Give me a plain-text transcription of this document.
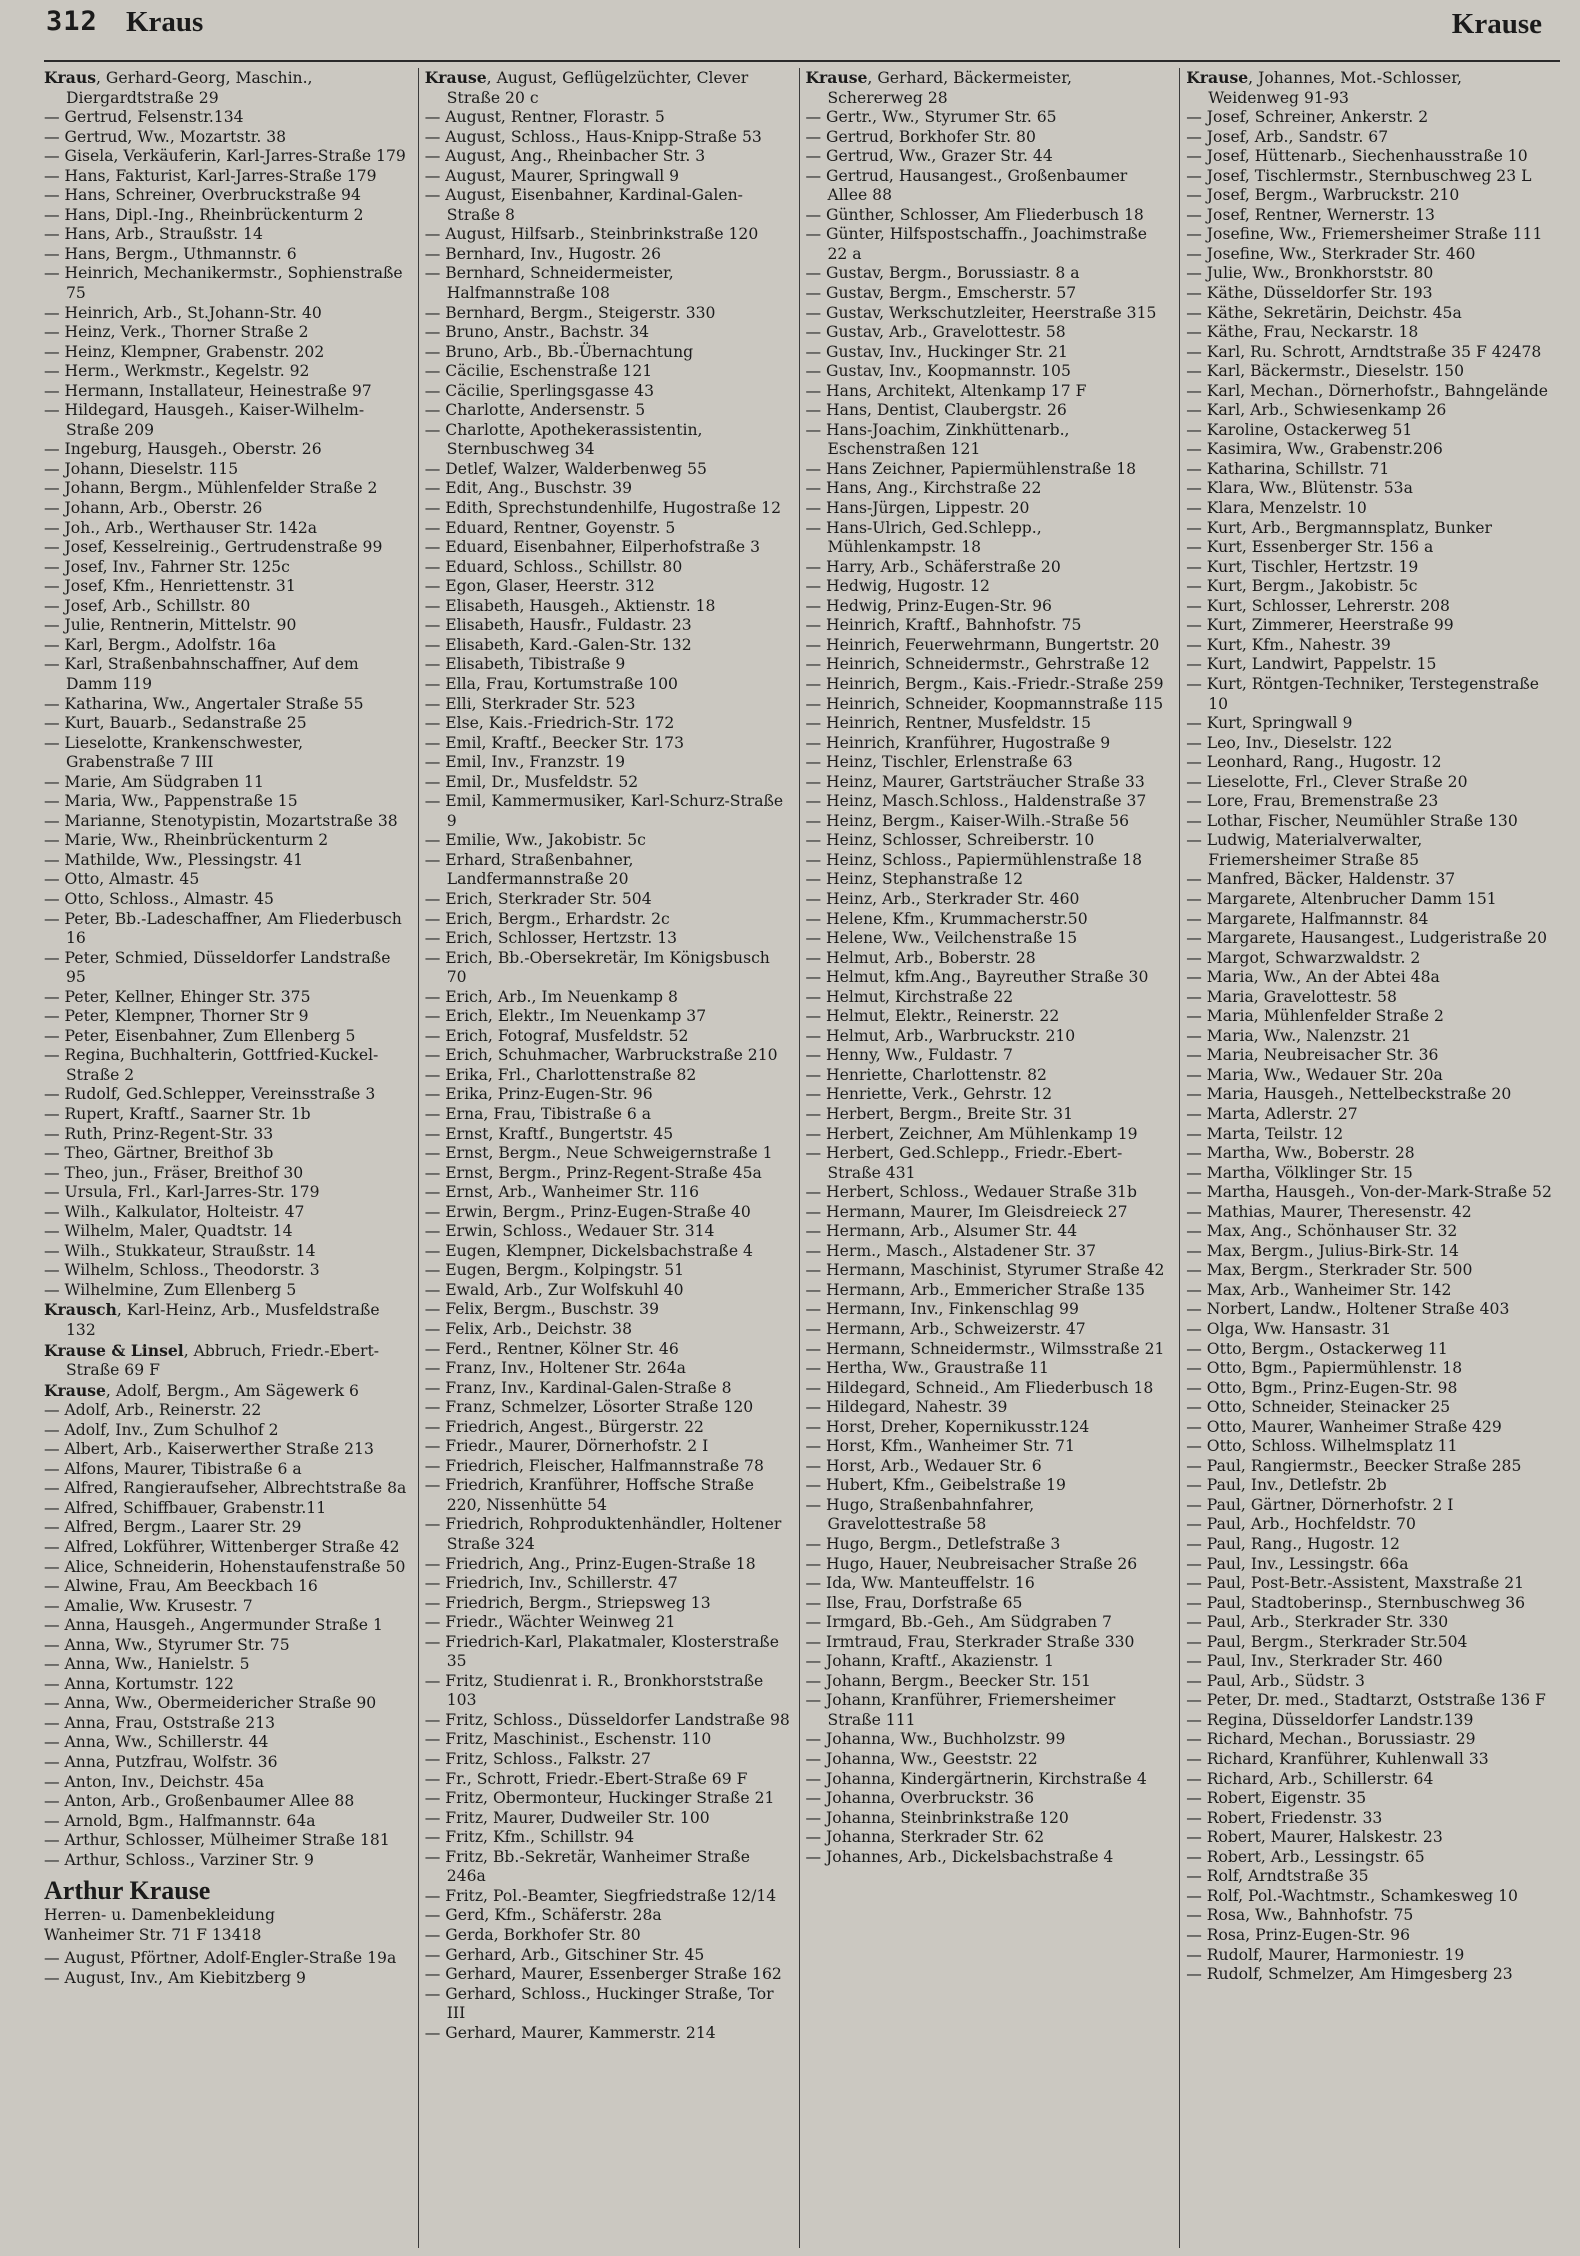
312 Kraus	Krause
Kraus, Gerhard-Georg, Maschin., Diergardtstraße 29
— Gertrud, Felsenstr.134
— Gertrud, Ww., Mozartstr. 38
— Gisela, Verkäuferin, Karl-Jarres-Straße 179
— Hans, Fakturist, Karl-Jarres-Straße 179
— Hans, Schreiner, Overbruckstraße 94
— Hans, Dipl.-Ing., Rheinbrückenturm 2
— Hans, Arb., Straußstr. 14
— Hans, Bergm., Uthmannstr. 6
— Heinrich, Mechanikermstr., Sophienstraße 75
— Heinrich, Arb., St.Johann-Str. 40
— Heinz, Verk., Thorner Straße 2
— Heinz, Klempner, Grabenstr. 202
— Herm., Werkmstr., Kegelstr. 92
— Hermann, Installateur, Heinestraße 97
— Hildegard, Hausgeh., Kaiser-Wilhelm-Straße 209
— Ingeburg, Hausgeh., Oberstr. 26
— Johann, Dieselstr. 115
— Johann, Bergm., Mühlenfelder Straße 2
— Johann, Arb., Oberstr. 26
— Joh., Arb., Werthauser Str. 142a
— Josef, Kesselreinig., Gertrudenstraße 99
— Josef, Inv., Fahrner Str. 125c
— Josef, Kfm., Henriettenstr. 31
— Josef, Arb., Schillstr. 80
— Julie, Rentnerin, Mittelstr. 90
— Karl, Bergm., Adolfstr. 16a
— Karl, Straßenbahnschaffner, Auf dem Damm 119
— Katharina, Ww., Angertaler Straße 55
— Kurt, Bauarb., Sedanstraße 25
— Lieselotte, Krankenschwester, Grabenstraße 7 III
— Marie, Am Südgraben 11
— Maria, Ww., Pappenstraße 15
— Marianne, Stenotypistin, Mozartstraße 38
— Marie, Ww., Rheinbrückenturm 2
— Mathilde, Ww., Plessingstr. 41
— Otto, Almastr. 45
— Otto, Schloss., Almastr. 45
— Peter, Bb.-Ladeschaffner, Am Fliederbusch 16
— Peter, Schmied, Düsseldorfer Landstraße 95
— Peter, Kellner, Ehinger Str. 375
— Peter, Klempner, Thorner Str 9
— Peter, Eisenbahner, Zum Ellenberg 5
— Regina, Buchhalterin, Gottfried-Kuckel-Straße 2
— Rudolf, Ged.Schlepper, Vereinsstraße 3
— Rupert, Kraftf., Saarner Str. 1b
— Ruth, Prinz-Regent-Str. 33
— Theo, Gärtner, Breithof 3b
— Theo, jun., Fräser, Breithof 30
— Ursula, Frl., Karl-Jarres-Str. 179
— Wilh., Kalkulator, Holteistr. 47
— Wilhelm, Maler, Quadtstr. 14
— Wilh., Stukkateur, Straußstr. 14
— Wilhelm, Schloss., Theodorstr. 3
— Wilhelmine, Zum Ellenberg 5
Krausch, Karl-Heinz, Arb., Musfeldstraße 132
Krause & Linsel, Abbruch, Friedr.-Ebert-Straße 69 F
Krause, Adolf, Bergm., Am Sägewerk 6
— Adolf, Arb., Reinerstr. 22
— Adolf, Inv., Zum Schulhof 2
— Albert, Arb., Kaiserwerther Straße 213
— Alfons, Maurer, Tibistraße 6 a
— Alfred, Rangieraufseher, Albrechtstraße 8a
— Alfred, Schiffbauer, Grabenstr.11
— Alfred, Bergm., Laarer Str. 29
— Alfred, Lokführer, Wittenberger Straße 42
— Alice, Schneiderin, Hohenstaufenstraße 50
— Alwine, Frau, Am Beeckbach 16
— Amalie, Ww. Krusestr. 7
— Anna, Hausgeh., Angermunder Straße 1
— Anna, Ww., Styrumer Str. 75
— Anna, Ww., Hanielstr. 5
— Anna, Kortumstr. 122
— Anna, Ww., Obermeidericher Straße 90
— Anna, Frau, Oststraße 213
— Anna, Ww., Schillerstr. 44
— Anna, Putzfrau, Wolfstr. 36
— Anton, Inv., Deichstr. 45a
— Anton, Arb., Großenbaumer Allee 88
— Arnold, Bgm., Halfmannstr. 64a
— Arthur, Schlosser, Mülheimer Straße 181
— Arthur, Schloss., Varziner Str. 9
Arthur Krause
Herren- u. Damenbekleidung
Wanheimer Str. 71 F 13418
— August, Pförtner, Adolf-Engler-Straße 19a
— August, Inv., Am Kiebitzberg 9
Krause, August, Geflügelzüchter, Clever Straße 20 c
— August, Rentner, Florastr. 5
— August, Schloss., Haus-Knipp-Straße 53
— August, Ang., Rheinbacher Str. 3
— August, Maurer, Springwall 9
— August, Eisenbahner, Kardinal-Galen-Straße 8
— August, Hilfsarb., Steinbrinkstraße 120
— Bernhard, Inv., Hugostr. 26
— Bernhard, Schneidermeister, Halfmannstraße 108
— Bernhard, Bergm., Steigerstr. 330
— Bruno, Anstr., Bachstr. 34
— Bruno, Arb., Bb.-Übernachtung
— Cäcilie, Eschenstraße 121
— Cäcilie, Sperlingsgasse 43
— Charlotte, Andersenstr. 5
— Charlotte, Apothekerassistentin, Sternbuschweg 34
— Detlef, Walzer, Walderbenweg 55
— Edit, Ang., Buschstr. 39
— Edith, Sprechstundenhilfe, Hugostraße 12
— Eduard, Rentner, Goyenstr. 5
— Eduard, Eisenbahner, Eilperhofstraße 3
— Eduard, Schloss., Schillstr. 80
— Egon, Glaser, Heerstr. 312
— Elisabeth, Hausgeh., Aktienstr. 18
— Elisabeth, Hausfr., Fuldastr. 23
— Elisabeth, Kard.-Galen-Str. 132
— Elisabeth, Tibistraße 9
— Ella, Frau, Kortumstraße 100
— Elli, Sterkrader Str. 523
— Else, Kais.-Friedrich-Str. 172
— Emil, Kraftf., Beecker Str. 173
— Emil, Inv., Franzstr. 19
— Emil, Dr., Musfeldstr. 52
— Emil, Kammermusiker, Karl-Schurz-Straße 9
— Emilie, Ww., Jakobistr. 5c
— Erhard, Straßenbahner, Landfermannstraße 20
— Erich, Sterkrader Str. 504
— Erich, Bergm., Erhardstr. 2c
— Erich, Schlosser, Hertzstr. 13
— Erich, Bb.-Obersekretär, Im Königsbusch 70
— Erich, Arb., Im Neuenkamp 8
— Erich, Elektr., Im Neuenkamp 37
— Erich, Fotograf, Musfeldstr. 52
— Erich, Schuhmacher, Warbruckstraße 210
— Erika, Frl., Charlottenstraße 82
— Erika, Prinz-Eugen-Str. 96
— Erna, Frau, Tibistraße 6 a
— Ernst, Kraftf., Bungertstr. 45
— Ernst, Bergm., Neue Schweigernstraße 1
— Ernst, Bergm., Prinz-Regent-Straße 45a
— Ernst, Arb., Wanheimer Str. 116
— Erwin, Bergm., Prinz-Eugen-Straße 40
— Erwin, Schloss., Wedauer Str. 314
— Eugen, Klempner, Dickelsbachstraße 4
— Eugen, Bergm., Kolpingstr. 51
— Ewald, Arb., Zur Wolfskuhl 40
— Felix, Bergm., Buschstr. 39
— Felix, Arb., Deichstr. 38
— Ferd., Rentner, Kölner Str. 46
— Franz, Inv., Holtener Str. 264a
— Franz, Inv., Kardinal-Galen-Straße 8
— Franz, Schmelzer, Lösorter Straße 120
— Friedrich, Angest., Bürgerstr. 22
— Friedr., Maurer, Dörnerhofstr. 2 I
— Friedrich, Fleischer, Halfmannstraße 78
— Friedrich, Kranführer, Hoffsche Straße 220, Nissenhütte 54
— Friedrich, Rohproduktenhändler, Holtener Straße 324
— Friedrich, Ang., Prinz-Eugen-Straße 18
— Friedrich, Inv., Schillerstr. 47
— Friedrich, Bergm., Striepsweg 13
— Friedr., Wächter Weinweg 21
— Friedrich-Karl, Plakatmaler, Klosterstraße 35
— Fritz, Studienrat i. R., Bronkhorststraße 103
— Fritz, Schloss., Düsseldorfer Landstraße 98
— Fritz, Maschinist., Eschenstr. 110
— Fritz, Schloss., Falkstr. 27
— Fr., Schrott, Friedr.-Ebert-Straße 69 F
— Fritz, Obermonteur, Huckinger Straße 21
— Fritz, Maurer, Dudweiler Str. 100
— Fritz, Kfm., Schillstr. 94
— Fritz, Bb.-Sekretär, Wanheimer Straße 246a
— Fritz, Pol.-Beamter, Siegfriedstraße 12/14
— Gerd, Kfm., Schäferstr. 28a
— Gerda, Borkhofer Str. 80
— Gerhard, Arb., Gitschiner Str. 45
— Gerhard, Maurer, Essenberger Straße 162
— Gerhard, Schloss., Huckinger Straße, Tor III
— Gerhard, Maurer, Kammerstr. 214
Krause, Gerhard, Bäckermeister, Schererweg 28
— Gertr., Ww., Styrumer Str. 65
— Gertrud, Borkhofer Str. 80
— Gertrud, Ww., Grazer Str. 44
— Gertrud, Hausangest., Großenbaumer Allee 88
— Günther, Schlosser, Am Fliederbusch 18
— Günter, Hilfspostschaffn., Joachimstraße 22 a
— Gustav, Bergm., Borussiastr. 8 a
— Gustav, Bergm., Emscherstr. 57
— Gustav, Werkschutzleiter, Heerstraße 315
— Gustav, Arb., Gravelottestr. 58
— Gustav, Inv., Huckinger Str. 21
— Gustav, Inv., Koopmannstr. 105
— Hans, Architekt, Altenkamp 17 F
— Hans, Dentist, Claubergstr. 26
— Hans-Joachim, Zinkhüttenarb., Eschenstraßen 121
— Hans Zeichner, Papiermühlenstraße 18
— Hans, Ang., Kirchstraße 22
— Hans-Jürgen, Lippestr. 20
— Hans-Ulrich, Ged.Schlepp., Mühlenkampstr. 18
— Harry, Arb., Schäferstraße 20
— Hedwig, Hugostr. 12
— Hedwig, Prinz-Eugen-Str. 96
— Heinrich, Kraftf., Bahnhofstr. 75
— Heinrich, Feuerwehrmann, Bungertstr. 20
— Heinrich, Schneidermstr., Gehrstraße 12
— Heinrich, Bergm., Kais.-Friedr.-Straße 259
— Heinrich, Schneider, Koopmannstraße 115
— Heinrich, Rentner, Musfeldstr. 15
— Heinrich, Kranführer, Hugostraße 9
— Heinz, Tischler, Erlenstraße 63
— Heinz, Maurer, Gartsträucher Straße 33
— Heinz, Masch.Schloss., Haldenstraße 37
— Heinz, Bergm., Kaiser-Wilh.-Straße 56
— Heinz, Schlosser, Schreiberstr. 10
— Heinz, Schloss., Papiermühlenstraße 18
— Heinz, Stephanstraße 12
— Heinz, Arb., Sterkrader Str. 460
— Helene, Kfm., Krummacherstr.50
— Helene, Ww., Veilchenstraße 15
— Helmut, Arb., Boberstr. 28
— Helmut, kfm.Ang., Bayreuther Straße 30
— Helmut, Kirchstraße 22
— Helmut, Elektr., Reinerstr. 22
— Helmut, Arb., Warbruckstr. 210
— Henny, Ww., Fuldastr. 7
— Henriette, Charlottenstr. 82
— Henriette, Verk., Gehrstr. 12
— Herbert, Bergm., Breite Str. 31
— Herbert, Zeichner, Am Mühlenkamp 19
— Herbert, Ged.Schlepp., Friedr.-Ebert-Straße 431
— Herbert, Schloss., Wedauer Straße 31b
— Hermann, Maurer, Im Gleisdreieck 27
— Hermann, Arb., Alsumer Str. 44
— Herm., Masch., Alstadener Str. 37
— Hermann, Maschinist, Styrumer Straße 42
— Hermann, Arb., Emmericher Straße 135
— Hermann, Inv., Finkenschlag 99
— Hermann, Arb., Schweizerstr. 47
— Hermann, Schneidermstr., Wilmsstraße 21
— Hertha, Ww., Graustraße 11
— Hildegard, Schneid., Am Fliederbusch 18
— Hildegard, Nahestr. 39
— Horst, Dreher, Kopernikusstr.124
— Horst, Kfm., Wanheimer Str. 71
— Horst, Arb., Wedauer Str. 6
— Hubert, Kfm., Geibelstraße 19
— Hugo, Straßenbahnfahrer, Gravelottestraße 58
— Hugo, Bergm., Detlefstraße 3
— Hugo, Hauer, Neubreisacher Straße 26
— Ida, Ww. Manteuffelstr. 16
— Ilse, Frau, Dorfstraße 65
— Irmgard, Bb.-Geh., Am Südgraben 7
— Irmtraud, Frau, Sterkrader Straße 330
— Johann, Kraftf., Akazienstr. 1
— Johann, Bergm., Beecker Str. 151
— Johann, Kranführer, Friemersheimer Straße 111
— Johanna, Ww., Buchholzstr. 99
— Johanna, Ww., Geeststr. 22
— Johanna, Kindergärtnerin, Kirchstraße 4
— Johanna, Overbruckstr. 36
— Johanna, Steinbrinkstraße 120
— Johanna, Sterkrader Str. 62
— Johannes, Arb., Dickelsbachstraße 4
Krause, Johannes, Mot.-Schlosser, Weidenweg 91-93
— Josef, Schreiner, Ankerstr. 2
— Josef, Arb., Sandstr. 67
— Josef, Hüttenarb., Siechenhausstraße 10
— Josef, Tischlermstr., Sternbuschweg 23 L
— Josef, Bergm., Warbruckstr. 210
— Josef, Rentner, Wernerstr. 13
— Josefine, Ww., Friemersheimer Straße 111
— Josefine, Ww., Sterkrader Str. 460
— Julie, Ww., Bronkhorststr. 80
— Käthe, Düsseldorfer Str. 193
— Käthe, Sekretärin, Deichstr. 45a
— Käthe, Frau, Neckarstr. 18
— Karl, Ru. Schrott, Arndtstraße 35 F 42478
— Karl, Bäckermstr., Dieselstr. 150
— Karl, Mechan., Dörnerhofstr., Bahngelände
— Karl, Arb., Schwiesenkamp 26
— Karoline, Ostackerweg 51
— Kasimira, Ww., Grabenstr.206
— Katharina, Schillstr. 71
— Klara, Ww., Blütenstr. 53a
— Klara, Menzelstr. 10
— Kurt, Arb., Bergmannsplatz, Bunker
— Kurt, Essenberger Str. 156 a
— Kurt, Tischler, Hertzstr. 19
— Kurt, Bergm., Jakobistr. 5c
— Kurt, Schlosser, Lehrerstr. 208
— Kurt, Zimmerer, Heerstraße 99
— Kurt, Kfm., Nahestr. 39
— Kurt, Landwirt, Pappelstr. 15
— Kurt, Röntgen-Techniker, Terstegenstraße 10
— Kurt, Springwall 9
— Leo, Inv., Dieselstr. 122
— Leonhard, Rang., Hugostr. 12
— Lieselotte, Frl., Clever Straße 20
— Lore, Frau, Bremenstraße 23
— Lothar, Fischer, Neumühler Straße 130
— Ludwig, Materialverwalter, Friemersheimer Straße 85
— Manfred, Bäcker, Haldenstr. 37
— Margarete, Altenbrucher Damm 151
— Margarete, Halfmannstr. 84
— Margarete, Hausangest., Ludgeristraße 20
— Margot, Schwarzwaldstr. 2
— Maria, Ww., An der Abtei 48a
— Maria, Gravelottestr. 58
— Maria, Mühlenfelder Straße 2
— Maria, Ww., Nalenzstr. 21
— Maria, Neubreisacher Str. 36
— Maria, Ww., Wedauer Str. 20a
— Maria, Hausgeh., Nettelbeckstraße 20
— Marta, Adlerstr. 27
— Marta, Teilstr. 12
— Martha, Ww., Boberstr. 28
— Martha, Völklinger Str. 15
— Martha, Hausgeh., Von-der-Mark-Straße 52
— Mathias, Maurer, Theresenstr. 42
— Max, Ang., Schönhauser Str. 32
— Max, Bergm., Julius-Birk-Str. 14
— Max, Bergm., Sterkrader Str. 500
— Max, Arb., Wanheimer Str. 142
— Norbert, Landw., Holtener Straße 403
— Olga, Ww. Hansastr. 31
— Otto, Bergm., Ostackerweg 11
— Otto, Bgm., Papiermühlenstr. 18
— Otto, Bgm., Prinz-Eugen-Str. 98
— Otto, Schneider, Steinacker 25
— Otto, Maurer, Wanheimer Straße 429
— Otto, Schloss. Wilhelmsplatz 11
— Paul, Rangiermstr., Beecker Straße 285
— Paul, Inv., Detlefstr. 2b
— Paul, Gärtner, Dörnerhofstr. 2 I
— Paul, Arb., Hochfeldstr. 70
— Paul, Rang., Hugostr. 12
— Paul, Inv., Lessingstr. 66a
— Paul, Post-Betr.-Assistent, Maxstraße 21
— Paul, Stadtoberinsp., Sternbuschweg 36
— Paul, Arb., Sterkrader Str. 330
— Paul, Bergm., Sterkrader Str.504
— Paul, Inv., Sterkrader Str. 460
— Paul, Arb., Südstr. 3
— Peter, Dr. med., Stadtarzt, Oststraße 136 F
— Regina, Düsseldorfer Landstr.139
— Richard, Mechan., Borussiastr. 29
— Richard, Kranführer, Kuhlenwall 33
— Richard, Arb., Schillerstr. 64
— Robert, Eigenstr. 35
— Robert, Friedenstr. 33
— Robert, Maurer, Halskestr. 23
— Robert, Arb., Lessingstr. 65
— Rolf, Arndtstraße 35
— Rolf, Pol.-Wachtmstr., Schamkesweg 10
— Rosa, Ww., Bahnhofstr. 75
— Rosa, Prinz-Eugen-Str. 96
— Rudolf, Maurer, Harmoniestr. 19
— Rudolf, Schmelzer, Am Himgesberg 23
